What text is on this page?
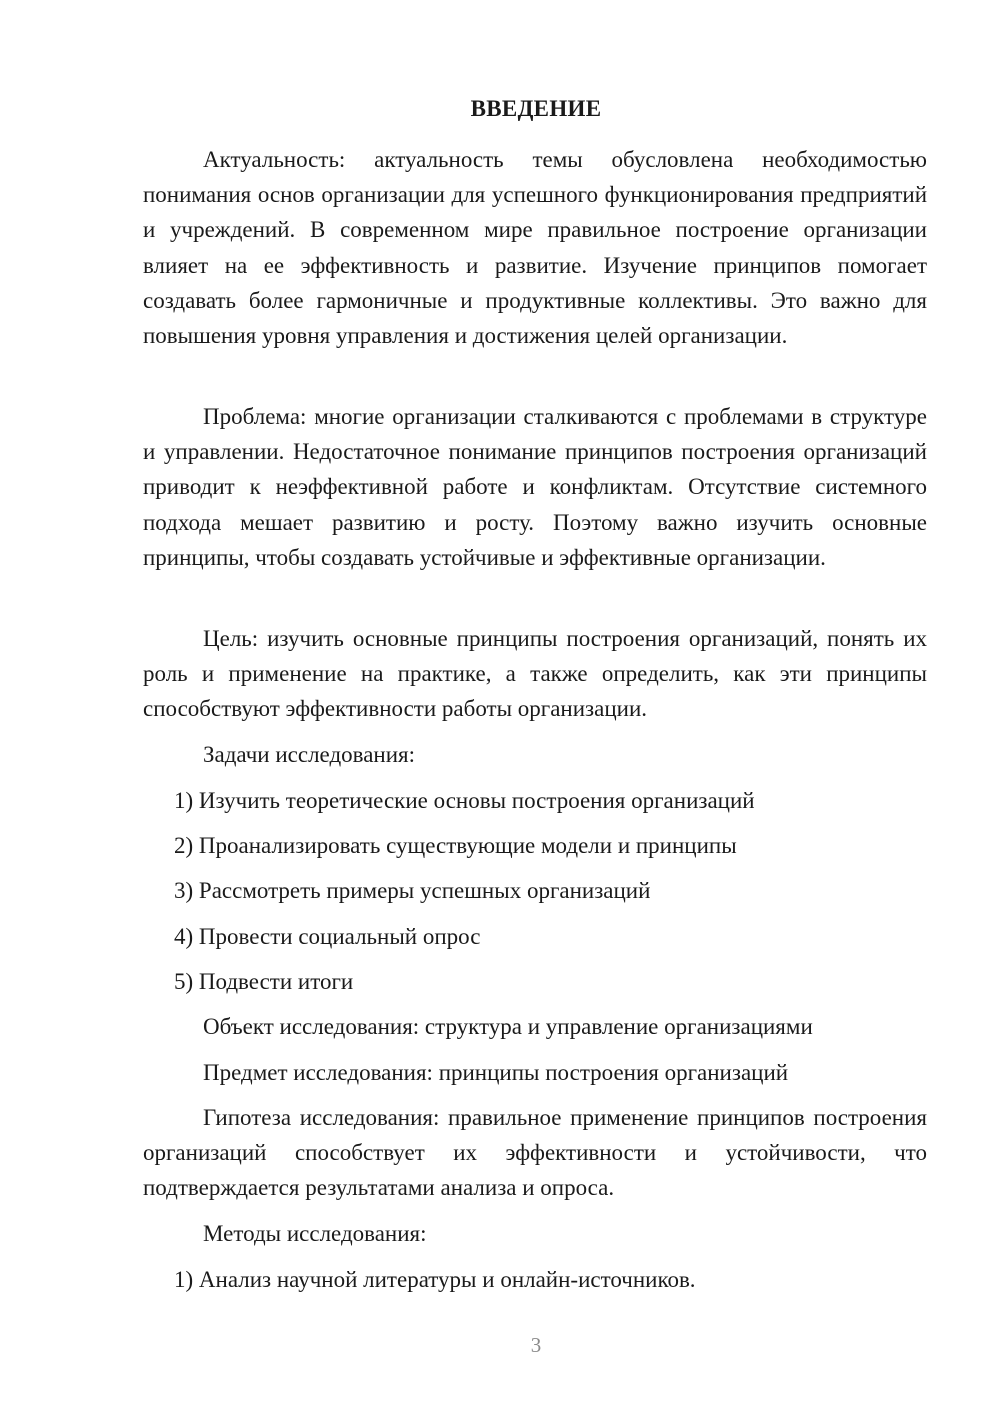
ВВЕДЕНИЕ

Актуальность: актуальность темы обусловлена необходимостью понимания основ организации для успешного функционирования предприятий и учреждений. В современном мире правильное построение организации влияет на ее эффективность и развитие. Изучение принципов помогает создавать более гармоничные и продуктивные коллективы. Это важно для повышения уровня управления и достижения целей организации.

Проблема: многие организации сталкиваются с проблемами в структуре и управлении. Недостаточное понимание принципов построения организаций приводит к неэффективной работе и конфликтам. Отсутствие системного подхода мешает развитию и росту. Поэтому важно изучить основные принципы, чтобы создавать устойчивые и эффективные организации.

Цель: изучить основные принципы построения организаций, понять их роль и применение на практике, а также определить, как эти принципы способствуют эффективности работы организации.

Задачи исследования:

1) Изучить теоретические основы построения организаций

2) Проанализировать существующие модели и принципы

3) Рассмотреть примеры успешных организаций

4) Провести социальный опрос

5) Подвести итоги

Объект исследования: структура и управление организациями

Предмет исследования: принципы построения организаций

Гипотеза исследования: правильное применение принципов построения организаций способствует их эффективности и устойчивости, что подтверждается результатами анализа и опроса.

Методы исследования:

1) Анализ научной литературы и онлайн-источников.

3
